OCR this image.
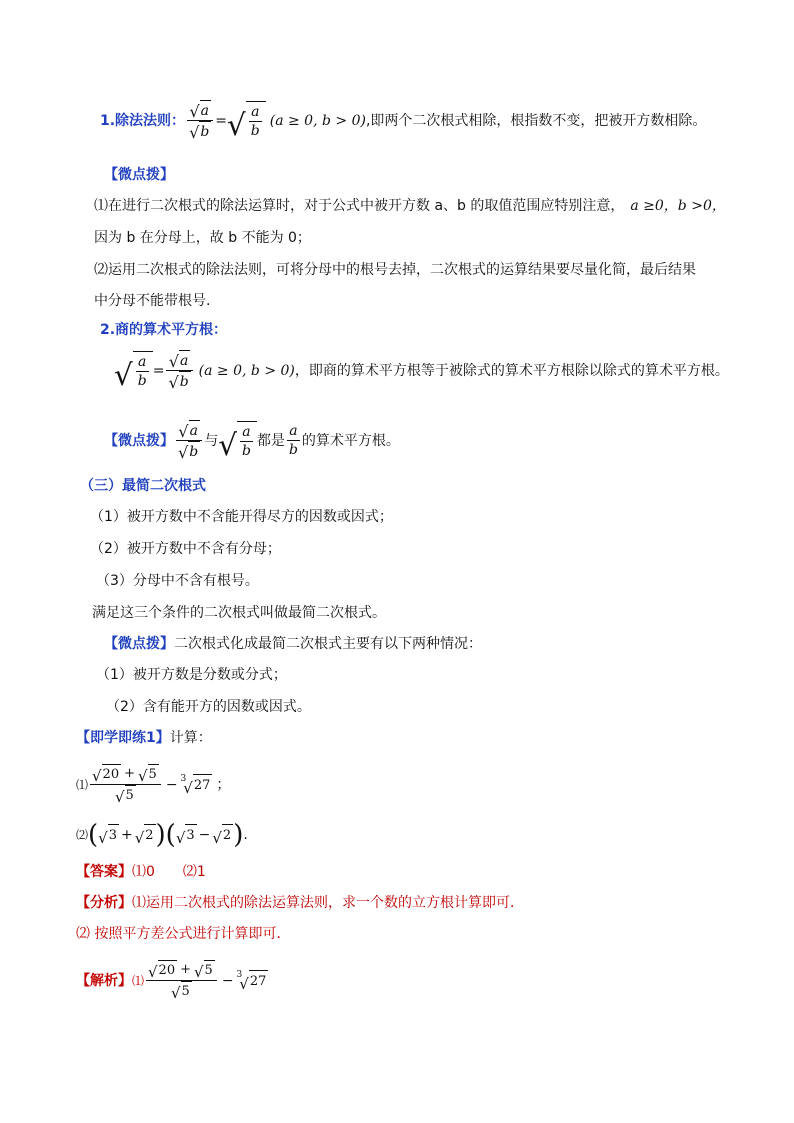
1.除法法则： $\frac{√ a}{√ b}$ = √ $\frac{a}{b} (a \ge 0$, b > 0) ,即两个二次根式相除，根指数不变，把被开方数相除。
【微点拨】
⑴在进行二次根式的除法运算时，对于公式中被开方数 a、b 的取值范围应特别注意， a ≥0，b >0，
因为 b 在分母上，故 b 不能为 0；
⑵运用二次根式的除法法则，可将分母中的根号去掉，二次根式的运算结果要尽量化简，最后结果
中分母不能带根号.
2.商的算术平方根：
√ $\frac{a}{b} = \frac{√ a}{√ b} (a \ge 0$, b > 0) ，即商的算术平方根等于被除式的算术平方根除以除式的算术平方根。
【微点拨】 $\frac{√ a}{√ b}$ 与 √ $\frac{a}{b}$ 都是 $\frac{a}{b}$ 的算术平方根。
（三）最简二次根式
（1）被开方数中不含能开得尽方的因数或因式；
（2）被开方数中不含有分母；
（3）分母中不含有根号。
满足这三个条件的二次根式叫做最简二次根式。
【微点拨】 二次根式化成最简二次根式主要有以下两种情况：
（1）被开方数是分数或分式；
（2）含有能开方的因数或因式。
【即学即练1】 计算：
⑴ $\frac{√ 20 + √ 5}{√ 5} - 3$
√ 27 ；
⑵ ( √ 3 + √ 2 )( √ 3 − √ 2 ) .
【答案】 ⑴0　　⑵1
【分析】 ⑴运用二次根式的除法运算法则，求一个数的立方根计算即可．
⑵ 按照平方差公式进行计算即可．
【解析】 ⑴ $\frac{√ 20 + √ 5}{√ 5} - 3$
√ 27
